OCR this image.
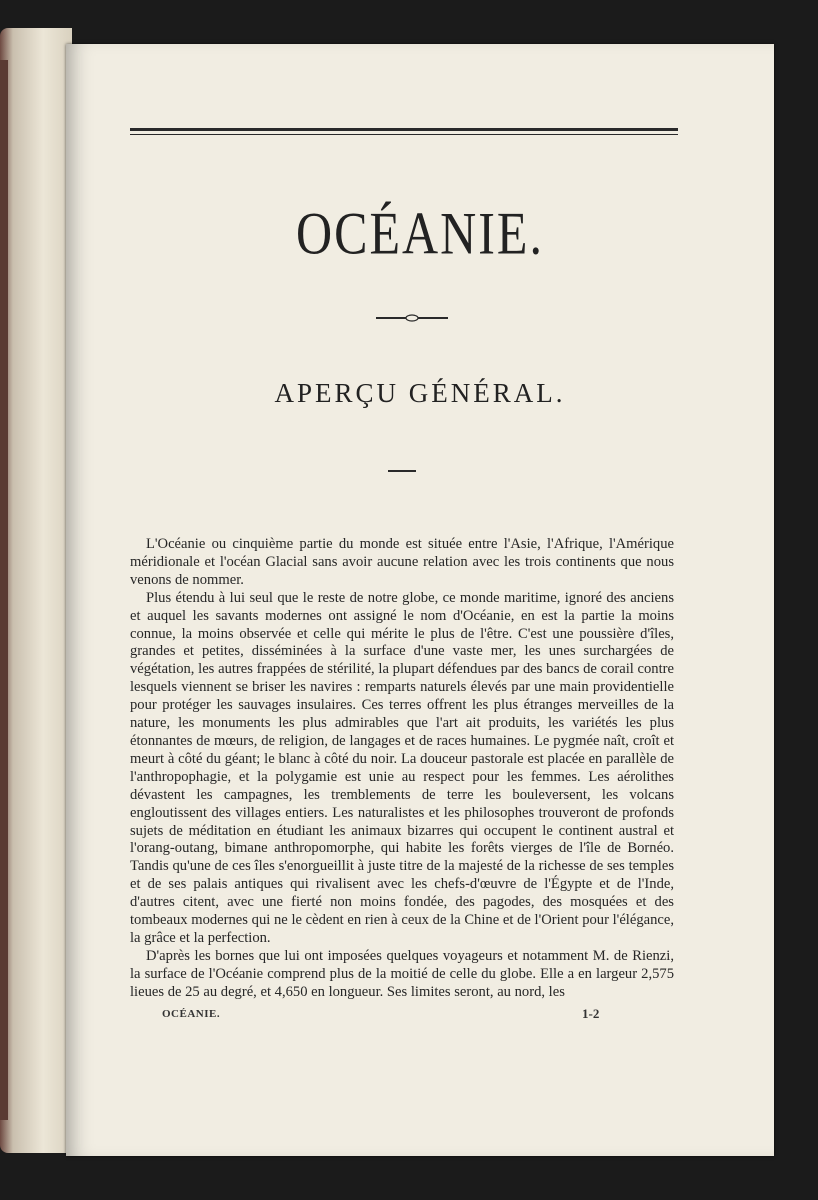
OCÉANIE.
APERÇU GÉNÉRAL.

L'Océanie ou cinquième partie du monde est située entre l'Asie, l'Afrique, l'Amérique méridionale et l'océan Glacial sans avoir aucune relation avec les trois continents que nous venons de nommer.

Plus étendu à lui seul que le reste de notre globe, ce monde maritime, ignoré des anciens et auquel les savants modernes ont assigné le nom d'Océanie, en est la partie la moins connue, la moins observée et celle qui mérite le plus de l'être. C'est une poussière d'îles, grandes et petites, disséminées à la surface d'une vaste mer, les unes surchargées de végétation, les autres frappées de stérilité, la plupart défendues par des bancs de corail contre lesquels viennent se briser les navires : remparts naturels élevés par une main providentielle pour protéger les sauvages insulaires. Ces terres offrent les plus étranges merveilles de la nature, les monuments les plus admirables que l'art ait produits, les variétés les plus étonnantes de mœurs, de religion, de langages et de races humaines. Le pygmée naît, croît et meurt à côté du géant; le blanc à côté du noir. La douceur pastorale est placée en parallèle de l'anthropophagie, et la polygamie est unie au respect pour les femmes. Les aérolithes dévastent les campagnes, les tremblements de terre les bouleversent, les volcans engloutissent des villages entiers. Les naturalistes et les philosophes trouveront de profonds sujets de méditation en étudiant les animaux bizarres qui occupent le continent austral et l'orang-outang, bimane anthropomorphe, qui habite les forêts vierges de l'île de Bornéo. Tandis qu'une de ces îles s'enorgueillit à juste titre de la majesté de la richesse de ses temples et de ses palais antiques qui rivalisent avec les chefs-d'œuvre de l'Égypte et de l'Inde, d'autres citent, avec une fierté non moins fondée, des pagodes, des mosquées et des tombeaux modernes qui ne le cèdent en rien à ceux de la Chine et de l'Orient pour l'élégance, la grâce et la perfection.

D'après les bornes que lui ont imposées quelques voyageurs et notamment M. de Rienzi, la surface de l'Océanie comprend plus de la moitié de celle du globe. Elle a en largeur 2,575 lieues de 25 au degré, et 4,650 en longueur. Ses limites seront, au nord, les

OCÉANIE.	1-2
